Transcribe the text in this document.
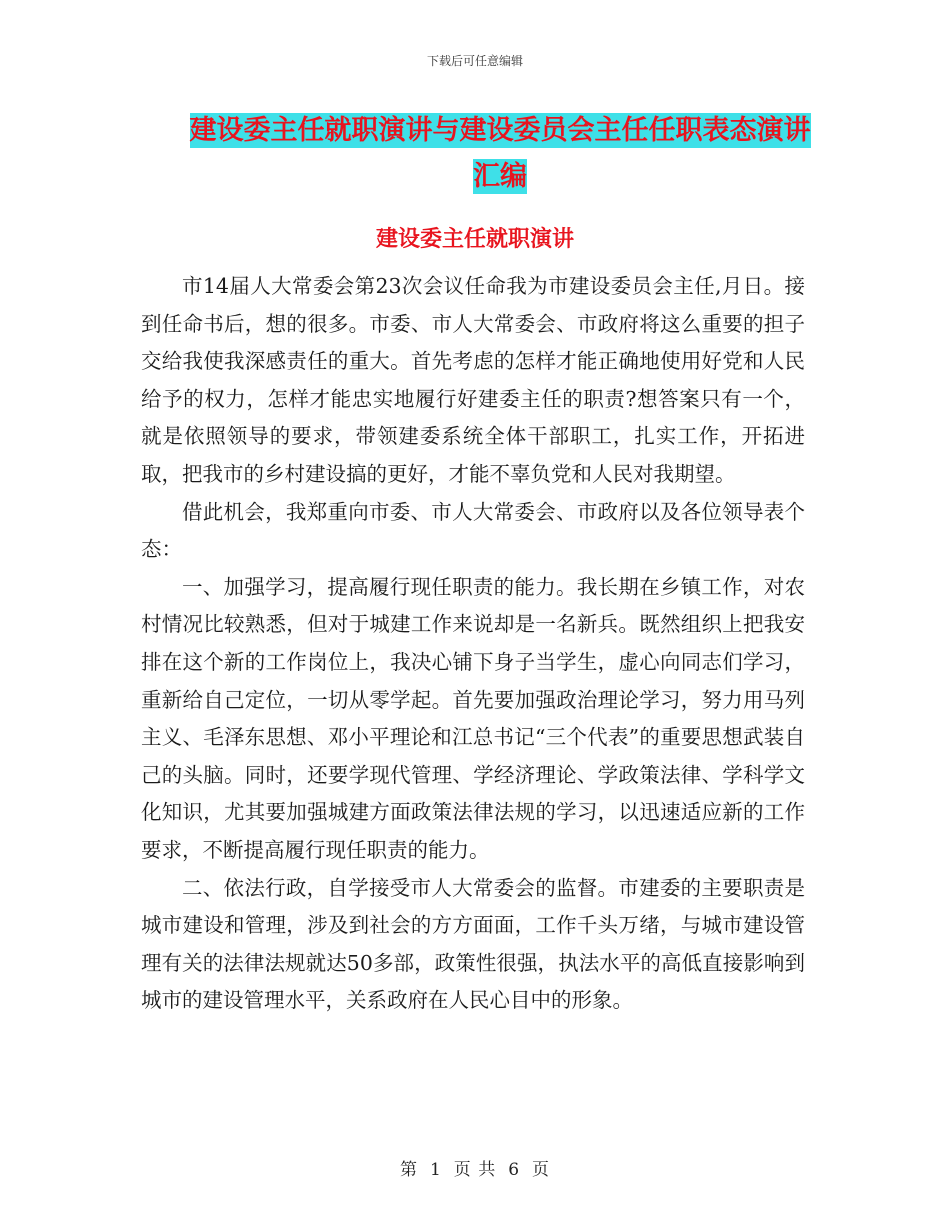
下载后可任意编辑
建设委主任就职演讲与建设委员会主任任职表态演讲
汇编
建设委主任就职演讲

市14届人大常委会第23次会议任命我为市建设委员会主任,月日。接到任命书后，想的很多。市委、市人大常委会、市政府将这么重要的担子交给我使我深感责任的重大。首先考虑的怎样才能正确地使用好党和人民给予的权力，怎样才能忠实地履行好建委主任的职责?想答案只有一个，就是依照领导的要求，带领建委系统全体干部职工，扎实工作，开拓进取，把我市的乡村建设搞的更好，才能不辜负党和人民对我期望。

借此机会，我郑重向市委、市人大常委会、市政府以及各位领导表个态：

一、加强学习，提高履行现任职责的能力。我长期在乡镇工作，对农村情况比较熟悉，但对于城建工作来说却是一名新兵。既然组织上把我安排在这个新的工作岗位上，我决心铺下身子当学生，虚心向同志们学习，重新给自己定位，一切从零学起。首先要加强政治理论学习，努力用马列主义、毛泽东思想、邓小平理论和江总书记“三个代表”的重要思想武装自己的头脑。同时，还要学现代管理、学经济理论、学政策法律、学科学文化知识，尤其要加强城建方面政策法律法规的学习，以迅速适应新的工作要求，不断提高履行现任职责的能力。

二、依法行政，自学接受市人大常委会的监督。市建委的主要职责是城市建设和管理，涉及到社会的方方面面，工作千头万绪，与城市建设管理有关的法律法规就达50多部，政策性很强，执法水平的高低直接影响到城市的建设管理水平，关系政府在人民心目中的形象。

第 1 页 共 6 页
